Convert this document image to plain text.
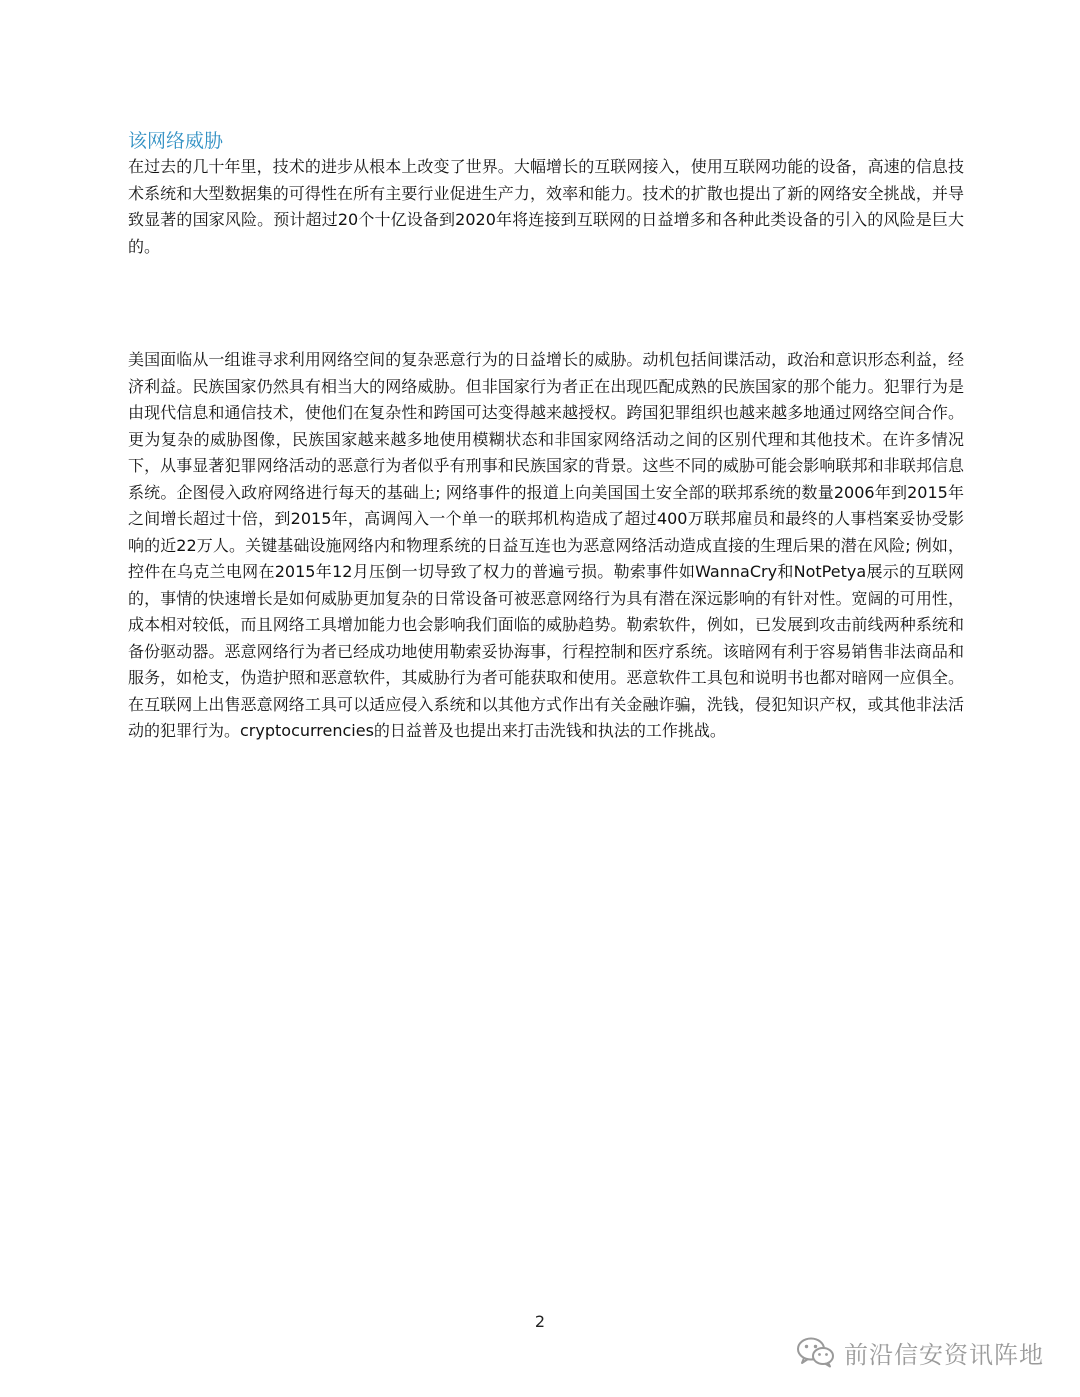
该网络威胁

在过去的几十年里，技术的进步从根本上改变了世界。大幅增长的互联网接入，使用互联网功能的设备，高速的信息技术系统和大型数据集的可得性在所有主要行业促进生产力，效率和能力。技术的扩散也提出了新的网络安全挑战，并导致显著的国家风险。预计超过20个十亿设备到2020年将连接到互联网的日益增多和各种此类设备的引入的风险是巨大的。

美国面临从一组谁寻求利用网络空间的复杂恶意行为的日益增长的威胁。动机包括间谍活动，政治和意识形态利益，经济利益。民族国家仍然具有相当大的网络威胁。但非国家行为者正在出现匹配成熟的民族国家的那个能力。犯罪行为是由现代信息和通信技术，使他们在复杂性和跨国可达变得越来越授权。跨国犯罪组织也越来越多地通过网络空间合作。更为复杂的威胁图像，民族国家越来越多地使用模糊状态和非国家网络活动之间的区别代理和其他技术。在许多情况下，从事显著犯罪网络活动的恶意行为者似乎有刑事和民族国家的背景。这些不同的威胁可能会影响联邦和非联邦信息系统。企图侵入政府网络进行每天的基础上; 网络事件的报道上向美国国土安全部的联邦系统的数量2006年到2015年之间增长超过十倍，到2015年，高调闯入一个单一的联邦机构造成了超过400万联邦雇员和最终的人事档案妥协受影响的近22万人。关键基础设施网络内和物理系统的日益互连也为恶意网络活动造成直接的生理后果的潜在风险; 例如，控件在乌克兰电网在2015年12月压倒一切导致了权力的普遍亏损。勒索事件如WannaCry和NotPetya展示的互联网的，事情的快速增长是如何威胁更加复杂的日常设备可被恶意网络行为具有潜在深远影响的有针对性。宽阔的可用性，成本相对较低，而且网络工具增加能力也会影响我们面临的威胁趋势。勒索软件，例如，已发展到攻击前线两种系统和备份驱动器。恶意网络行为者已经成功地使用勒索妥协海事，行程控制和医疗系统。该暗网有利于容易销售非法商品和服务，如枪支，伪造护照和恶意软件，其威胁行为者可能获取和使用。恶意软件工具包和说明书也都对暗网一应俱全。在互联网上出售恶意网络工具可以适应侵入系统和以其他方式作出有关金融诈骗，洗钱，侵犯知识产权，或其他非法活动的犯罪行为。cryptocurrencies的日益普及也提出来打击洗钱和执法的工作挑战。

2
前沿信安资讯阵地
